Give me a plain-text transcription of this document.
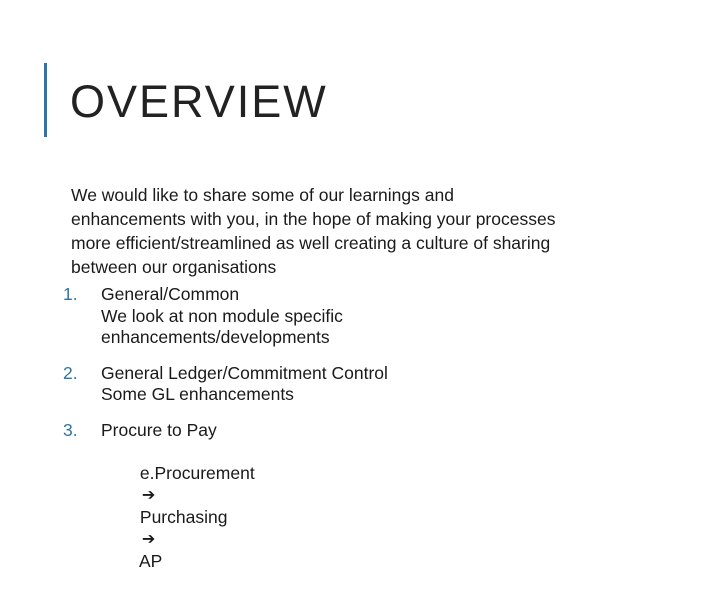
OVERVIEW
We would like to share some of our learnings and
enhancements with you, in the hope of making your processes
more efficient/streamlined as well creating a culture of sharing
between our organisations
1.	General/Common
We look at non module specific
enhancements/developments
2.	General Ledger/Commitment Control
Some GL enhancements
3.	Procure to Pay

e.Procurement
➔
Purchasing
➔
AP
